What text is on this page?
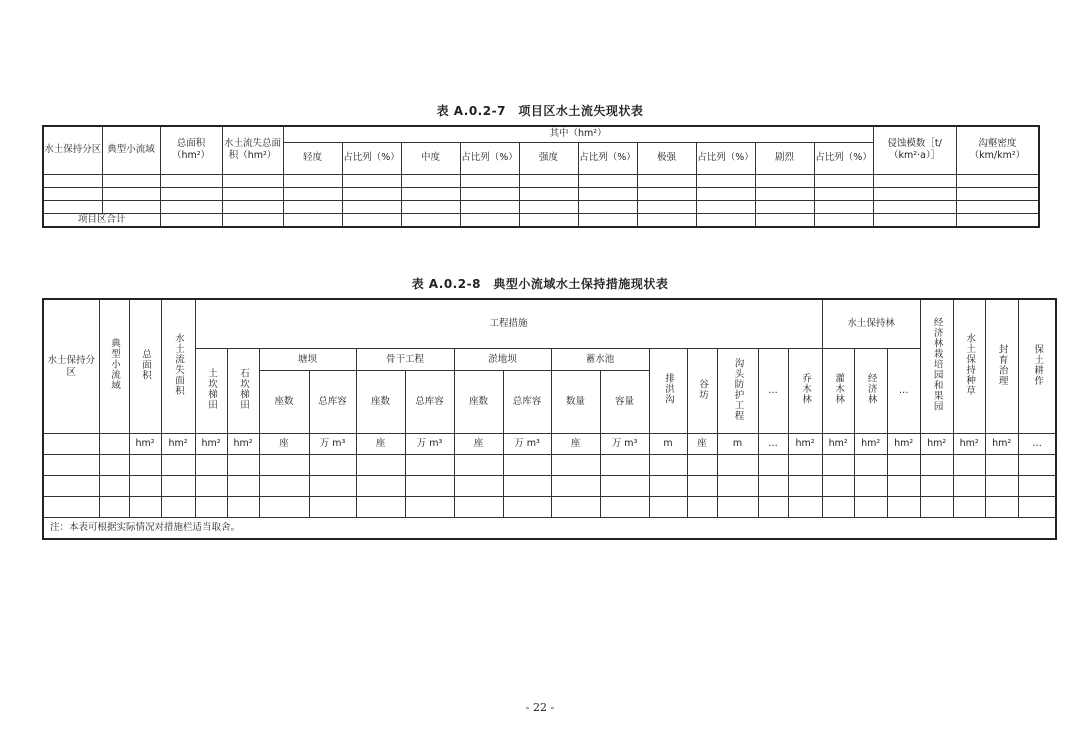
表 A.0.2-7　项目区水土流失现状表
水土保持分区	典型小流域	总面积（hm²）	水土流失总面积（hm²）	其中（hm²）										侵蚀模数［t/（km²·a）］	沟壑密度（km/km²）
				轻度	占比列（%）	中度	占比列（%）	强度	占比列（%）	极强	占比列（%）	剧烈	占比列（%）		

项目区合计															
表 A.0.2-8　典型小流域水土保持措施现状表
水土保持分区	典型小流域	总面积	水土流失面积	工程措施															水土保持林			经济林栽培园和果园	水土保持种草	封育治理	保土耕作	
				土坎梯田	石坎梯田	塘坝		骨干工程		淤地坝		蓄水池		排洪沟	谷坊	沟头防护工程	…	乔木林	灌木林	经济林	…					
						座数	总库容	座数	总库容	座数	总库容	数量	容量													
		hm²	hm²	hm²	hm²	座	万 m³	座	万 m³	座	万 m³	座	万 m³	m	座	m	…	hm²	hm²	hm²	hm²	hm²	hm²	hm²	…	

注：本表可根据实际情况对措施栏适当取舍。																										
- 22 -
